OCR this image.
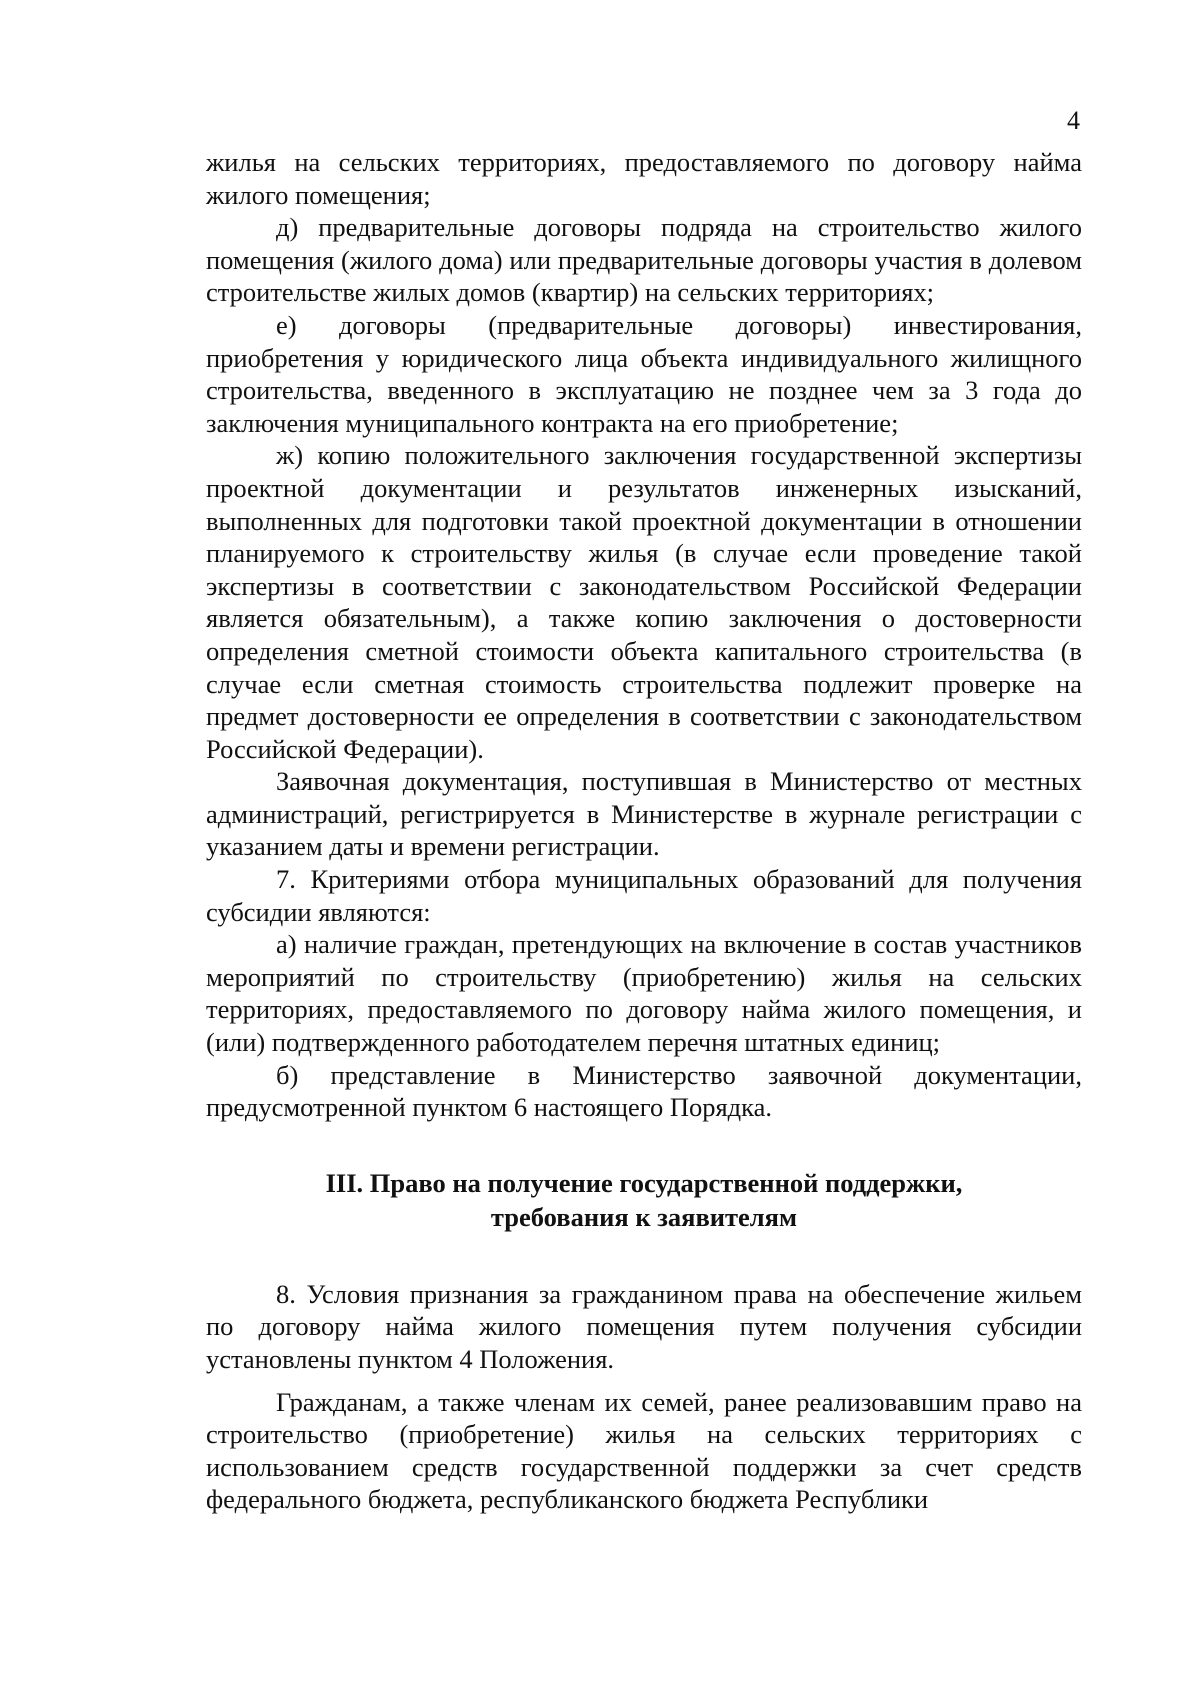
4

жилья на сельских территориях, предоставляемого по договору найма жилого помещения;

д) предварительные договоры подряда на строительство жилого помещения (жилого дома) или предварительные договоры участия в долевом строительстве жилых домов (квартир) на сельских территориях;

е) договоры (предварительные договоры) инвестирования, приобретения у юридического лица объекта индивидуального жилищного строительства, введенного в эксплуатацию не позднее чем за 3 года до заключения муниципального контракта на его приобретение;

ж) копию положительного заключения государственной экспертизы проектной документации и результатов инженерных изысканий, выполненных для подготовки такой проектной документации в отношении планируемого к строительству жилья (в случае если проведение такой экспертизы в соответствии с законодательством Российской Федерации является обязательным), а также копию заключения о достоверности определения сметной стоимости объекта капитального строительства (в случае если сметная стоимость строительства подлежит проверке на предмет достоверности ее определения в соответствии с законодательством Российской Федерации).

Заявочная документация, поступившая в Министерство от местных администраций, регистрируется в Министерстве в журнале регистрации с указанием даты и времени регистрации.

7. Критериями отбора муниципальных образований для получения субсидии являются:

а) наличие граждан, претендующих на включение в состав участников мероприятий по строительству (приобретению) жилья на сельских территориях, предоставляемого по договору найма жилого помещения, и (или) подтвержденного работодателем перечня штатных единиц;

б) представление в Министерство заявочной документации, предусмотренной пунктом 6 настоящего Порядка.

III. Право на получение государственной поддержки,
требования к заявителям

8. Условия признания за гражданином права на обеспечение жильем по договору найма жилого помещения путем получения субсидии установлены пунктом 4 Положения.

Гражданам, а также членам их семей, ранее реализовавшим право на строительство (приобретение) жилья на сельских территориях с использованием средств государственной поддержки за счет средств федерального бюджета, республиканского бюджета Республики
